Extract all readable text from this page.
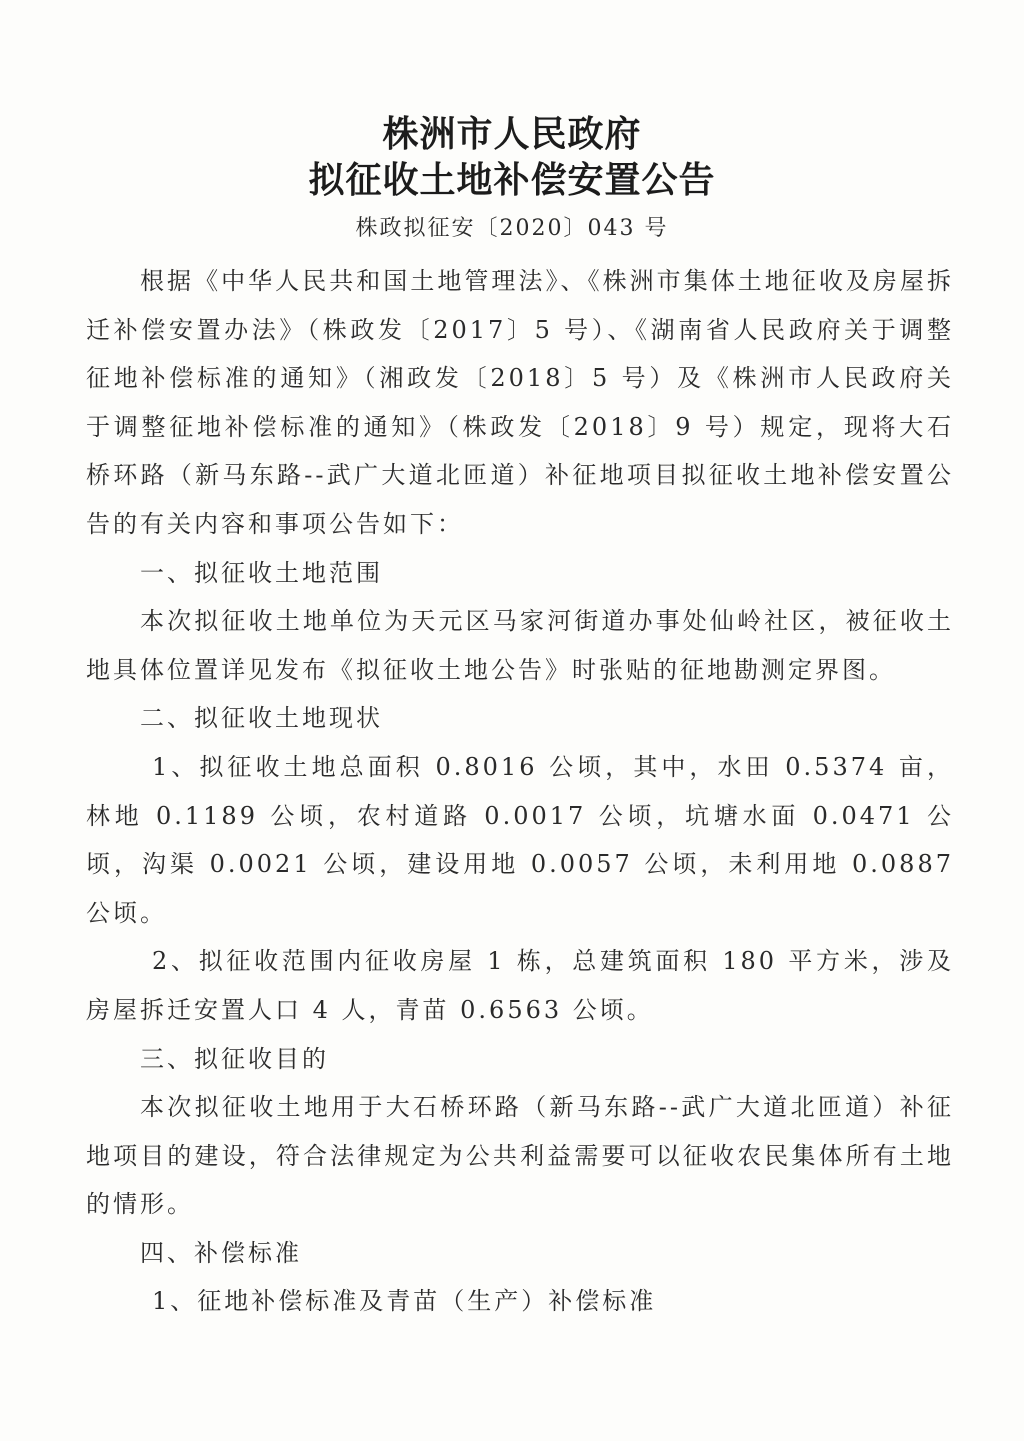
株洲市人民政府
拟征收土地补偿安置公告
株政拟征安〔2020〕043 号

根据《中华人民共和国土地管理法》、《株洲市集体土地征收及房屋拆迁补偿安置办法》（株政发〔2017〕5 号）、《湖南省人民政府关于调整征地补偿标准的通知》（湘政发〔2018〕5 号）及《株洲市人民政府关于调整征地补偿标准的通知》（株政发〔2018〕9 号）规定，现将大石桥环路（新马东路--武广大道北匝道）补征地项目拟征收土地补偿安置公告的有关内容和事项公告如下：

一、拟征收土地范围

本次拟征收土地单位为天元区马家河街道办事处仙岭社区，被征收土地具体位置详见发布《拟征收土地公告》时张贴的征地勘测定界图。

二、拟征收土地现状

1、拟征收土地总面积 0.8016 公顷，其中，水田 0.5374 亩，林地 0.1189 公顷，农村道路 0.0017 公顷，坑塘水面 0.0471 公顷，沟渠 0.0021 公顷，建设用地 0.0057 公顷，未利用地 0.0887 公顷。

2、拟征收范围内征收房屋 1 栋，总建筑面积 180 平方米，涉及房屋拆迁安置人口 4 人，青苗 0.6563 公顷。

三、拟征收目的

本次拟征收土地用于大石桥环路（新马东路--武广大道北匝道）补征地项目的建设，符合法律规定为公共利益需要可以征收农民集体所有土地的情形。

四、补偿标准

1、征地补偿标准及青苗（生产）补偿标准
